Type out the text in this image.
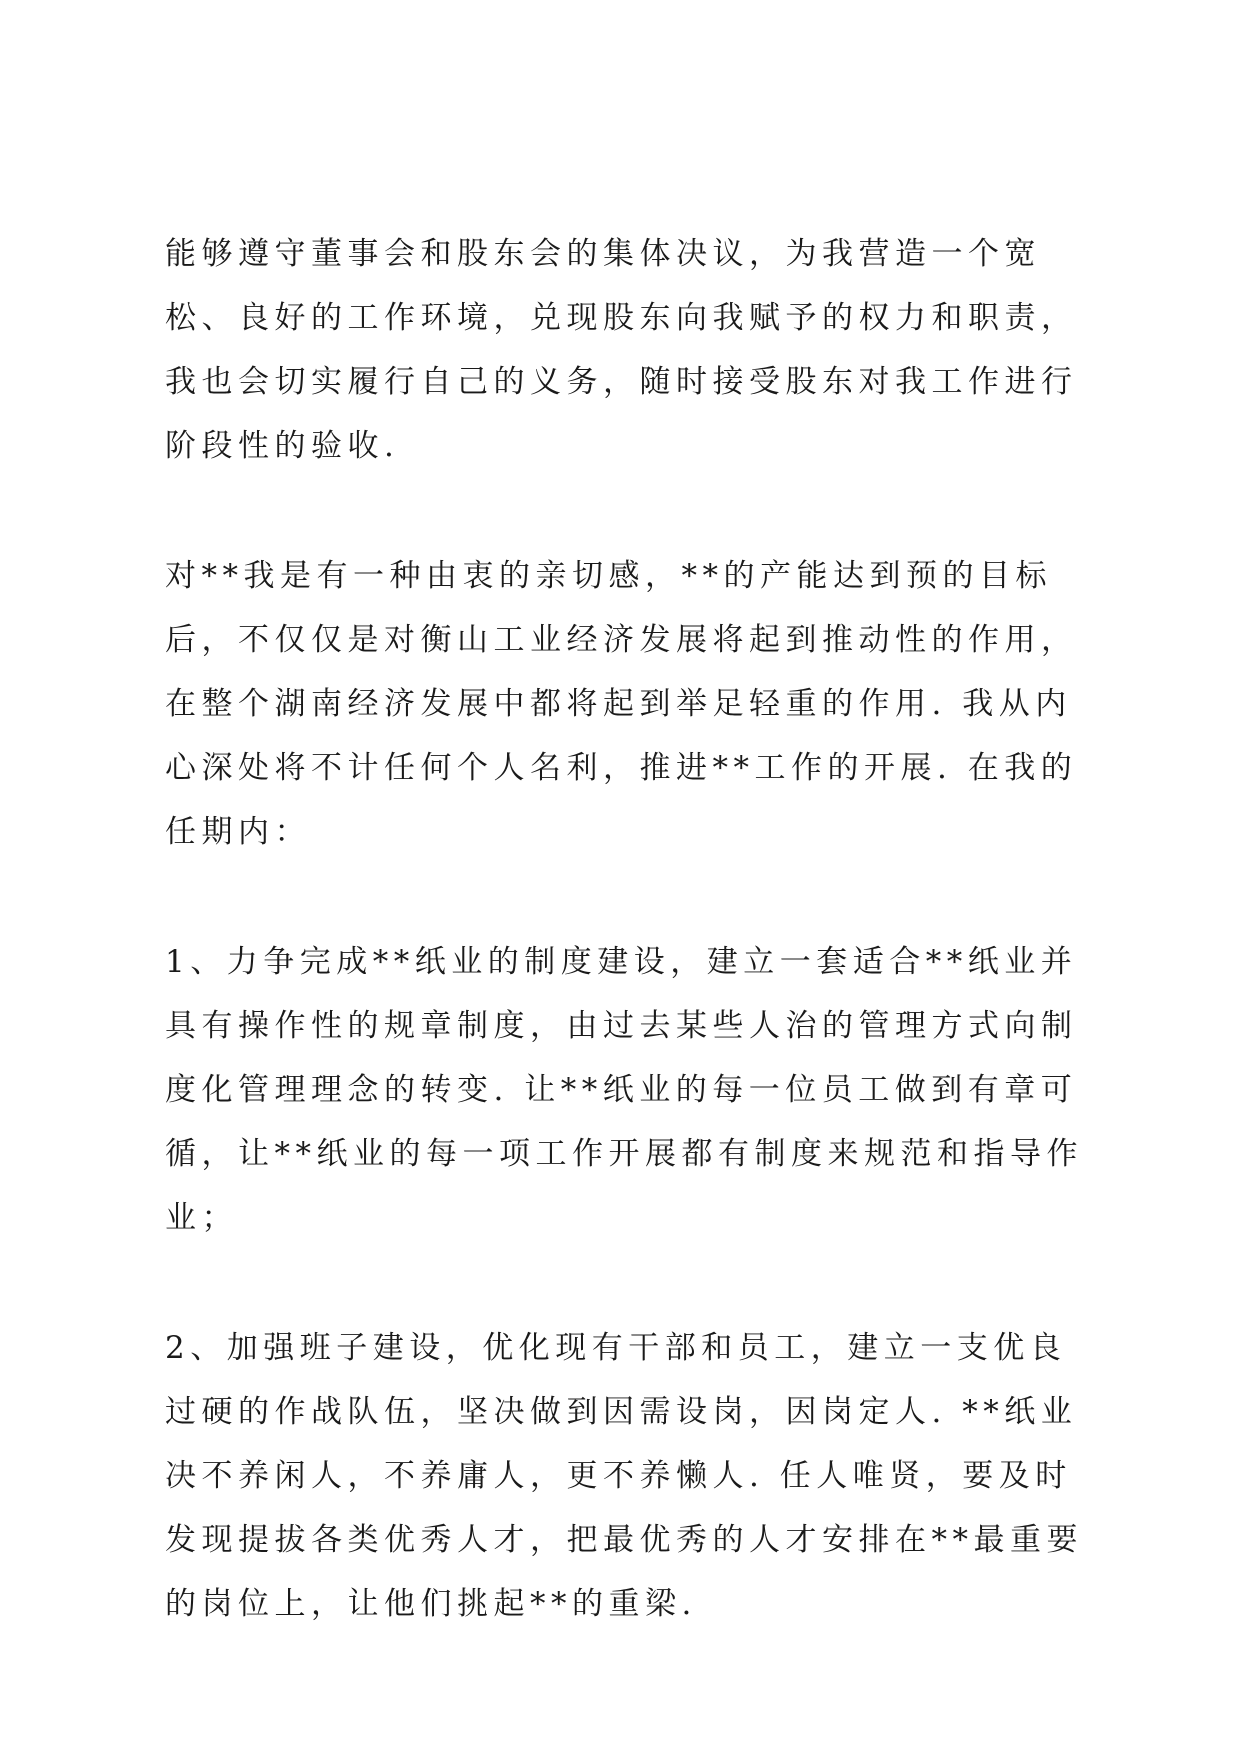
能够遵守董事会和股东会的集体决议，为我营造一个宽松、良好的工作环境，兑现股东向我赋予的权力和职责，我也会切实履行自己的义务，随时接受股东对我工作进行阶段性的验收.

对**我是有一种由衷的亲切感，**的产能达到预的目标后，不仅仅是对衡山工业经济发展将起到推动性的作用，在整个湖南经济发展中都将起到举足轻重的作用. 我从内心深处将不计任何个人名利，推进**工作的开展. 在我的任期内：

1、力争完成**纸业的制度建设，建立一套适合**纸业并具有操作性的规章制度，由过去某些人治的管理方式向制度化管理理念的转变. 让**纸业的每一位员工做到有章可循，让**纸业的每一项工作开展都有制度来规范和指导作业；

2、加强班子建设，优化现有干部和员工，建立一支优良过硬的作战队伍，坚决做到因需设岗，因岗定人. **纸业决不养闲人，不养庸人，更不养懒人. 任人唯贤，要及时发现提拔各类优秀人才，把最优秀的人才安排在**最重要的岗位上，让他们挑起**的重梁.
